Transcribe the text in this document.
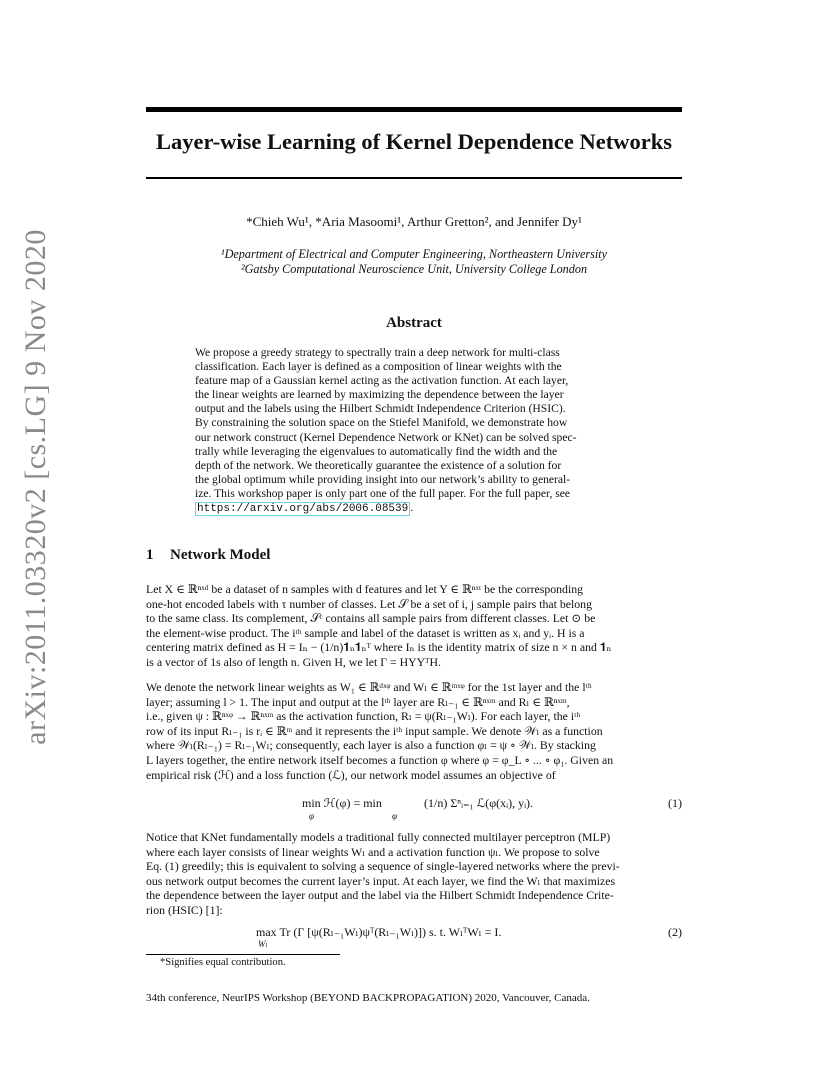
arXiv:2011.03320v2 [cs.LG] 9 Nov 2020
Layer-wise Learning of Kernel Dependence Networks
*Chieh Wu¹, *Aria Masoomi¹, Arthur Gretton², and Jennifer Dy¹
¹Department of Electrical and Computer Engineering, Northeastern University
²Gatsby Computational Neuroscience Unit, University College London
Abstract
We propose a greedy strategy to spectrally train a deep network for multi-class
classification. Each layer is defined as a composition of linear weights with the
feature map of a Gaussian kernel acting as the activation function. At each layer,
the linear weights are learned by maximizing the dependence between the layer
output and the labels using the Hilbert Schmidt Independence Criterion (HSIC).
By constraining the solution space on the Stiefel Manifold, we demonstrate how
our network construct (Kernel Dependence Network or KNet) can be solved spec-
trally while leveraging the eigenvalues to automatically find the width and the
depth of the network. We theoretically guarantee the existence of a solution for
the global optimum while providing insight into our network’s ability to general-
ize. This workshop paper is only part one of the full paper. For the full paper, see
https://arxiv.org/abs/2006.08539 .
1 Network Model
Let X ∈ ℝⁿˣᵈ be a dataset of n samples with d features and let Y ∈ ℝⁿˣᵗ be the corresponding
one-hot encoded labels with τ number of classes. Let 𝒮 be a set of i, j sample pairs that belong
to the same class. Its complement, 𝒮ᶜ contains all sample pairs from different classes. Let ⊙ be
the element-wise product. The iᵗʰ sample and label of the dataset is written as xᵢ and yᵢ. H is a
centering matrix defined as H = Iₙ − (1/n)𝟏ₙ𝟏ₙᵀ where Iₙ is the identity matrix of size n × n and 𝟏ₙ
is a vector of 1s also of length n. Given H, we let Γ = HYYᵀH.
We denote the network linear weights as W₁ ∈ ℝᵈˣᵠ and Wₗ ∈ ℝᵐˣᵠ for the 1st layer and the lᵗʰ
layer; assuming l > 1. The input and output at the lᵗʰ layer are Rₗ₋₁ ∈ ℝⁿˣᵐ and Rₗ ∈ ℝⁿˣᵐ,
i.e., given ψ : ℝⁿˣᵠ → ℝⁿˣᵐ as the activation function, Rₗ = ψ(Rₗ₋₁Wₗ). For each layer, the iᵗʰ
row of its input Rₗ₋₁ is rᵢ ∈ ℝᵐ and it represents the iᵗʰ input sample. We denote 𝒲ₗ as a function
where 𝒲ₗ(Rₗ₋₁) = Rₗ₋₁Wₗ; consequently, each layer is also a function φₗ = ψ ∘ 𝒲ₗ. By stacking
L layers together, the entire network itself becomes a function φ where φ = φ_L ∘ ... ∘ φ₁. Given an
empirical risk (ℋ) and a loss function (ℒ), our network model assumes an objective of
min ℋ(φ) = min
φ	φ
(1/n) Σⁿᵢ₌₁ ℒ(φ(xᵢ), yᵢ).	(1)
Notice that KNet fundamentally models a traditional fully connected multilayer perceptron (MLP)
where each layer consists of linear weights Wₗ and a activation function ψₗ. We propose to solve
Eq. (1) greedily; this is equivalent to solving a sequence of single-layered networks where the previ-
ous network output becomes the current layer’s input. At each layer, we find the Wₗ that maximizes
the dependence between the layer output and the label via the Hilbert Schmidt Independence Crite-
rion (HSIC) [1]:
max Tr (Γ [ψ(Rₗ₋₁Wₗ)ψᵀ(Rₗ₋₁Wₗ)]) s. t. WₗᵀWₗ = I.
Wₗ
(2)
*Signifies equal contribution.
34th conference, NeurIPS Workshop (BEYOND BACKPROPAGATION) 2020, Vancouver, Canada.
